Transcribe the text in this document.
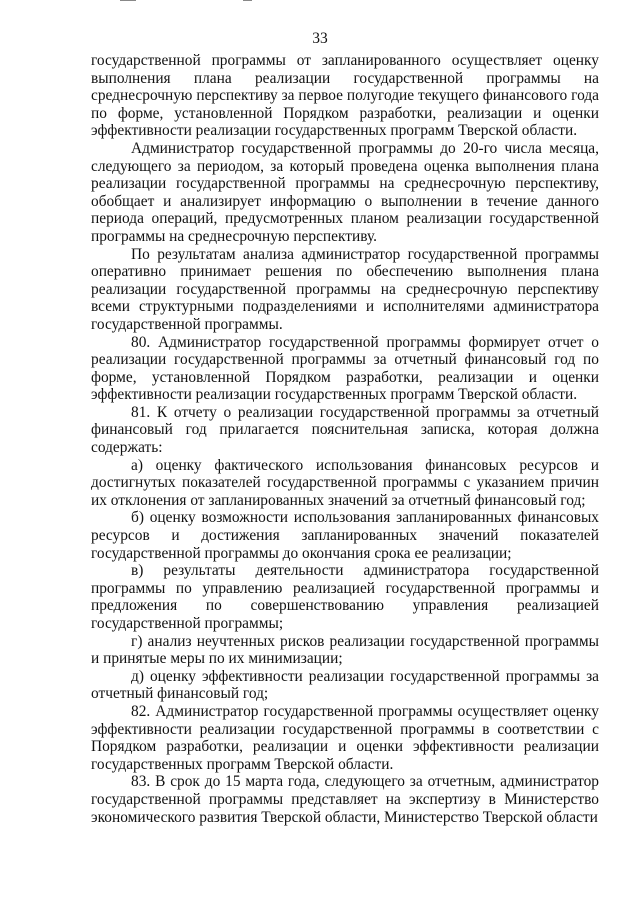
33

государственной программы от запланированного осуществляет оценку выполнения плана реализации государственной программы на среднесрочную перспективу за первое полугодие текущего финансового года по форме, установленной Порядком разработки, реализации и оценки эффективности реализации государственных программ Тверской области.

Администратор государственной программы до 20-го числа месяца, следующего за периодом, за который проведена оценка выполнения плана реализации государственной программы на среднесрочную перспективу, обобщает и анализирует информацию о выполнении в течение данного периода операций, предусмотренных планом реализации государственной программы на среднесрочную перспективу.

По результатам анализа администратор государственной программы оперативно принимает решения по обеспечению выполнения плана реализации государственной программы на среднесрочную перспективу всеми структурными подразделениями и исполнителями администратора государственной программы.

80. Администратор государственной программы формирует отчет о реализации государственной программы за отчетный финансовый год по форме, установленной Порядком разработки, реализации и оценки эффективности реализации государственных программ Тверской области.

81. К отчету о реализации государственной программы за отчетный финансовый год прилагается пояснительная записка, которая должна содержать:

а) оценку фактического использования финансовых ресурсов и достигнутых показателей государственной программы с указанием причин их отклонения от запланированных значений за отчетный финансовый год;

б) оценку возможности использования запланированных финансовых ресурсов и достижения запланированных значений показателей государственной программы до окончания срока ее реализации;

в) результаты деятельности администратора государственной программы по управлению реализацией государственной программы и предложения по совершенствованию управления реализацией государственной программы;

г) анализ неучтенных рисков реализации государственной программы и принятые меры по их минимизации;

д) оценку эффективности реализации государственной программы за отчетный финансовый год;

82. Администратор государственной программы осуществляет оценку эффективности реализации государственной программы в соответствии с Порядком разработки, реализации и оценки эффективности реализации государственных программ Тверской области.

83. В срок до 15 марта года, следующего за отчетным, администратор государственной программы представляет на экспертизу в Министерство экономического развития Тверской области, Министерство Тверской области
